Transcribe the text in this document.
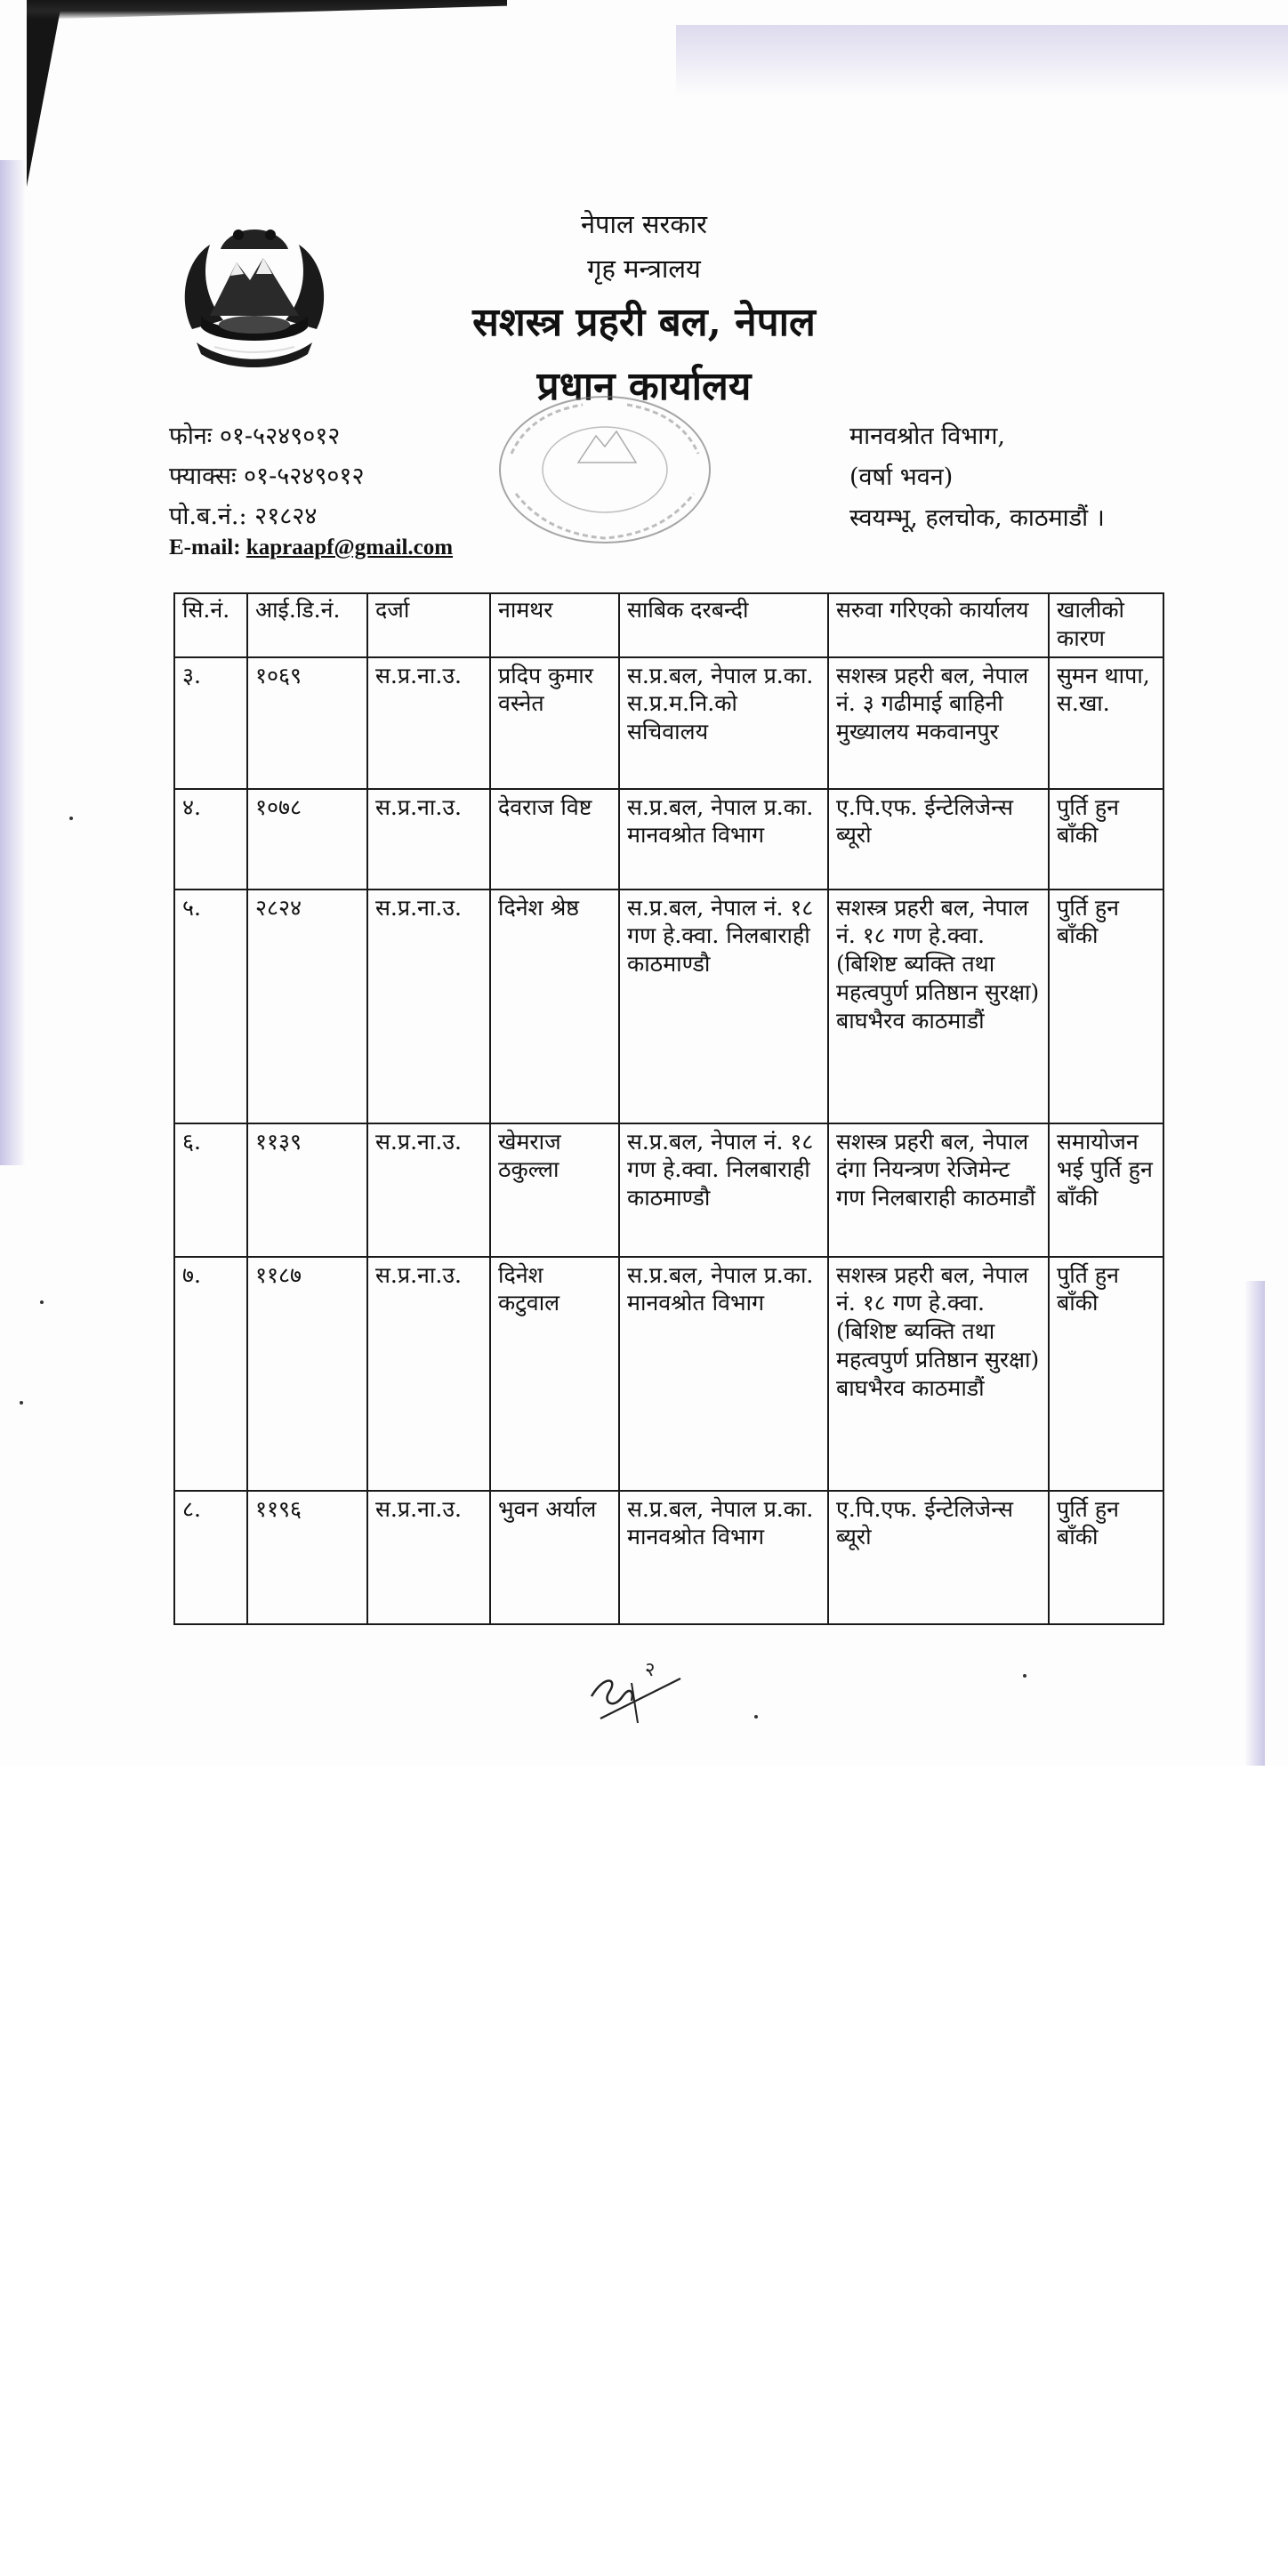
नेपाल सरकार
गृह मन्त्रालय
सशस्त्र प्रहरी बल, नेपाल
प्रधान कार्यालय
फोनः ०१-५२४९०१२
फ्याक्सः ०१-५२४९०१२
पो.ब.नं.: २१८२४
E-mail: kapraapf@gmail.com
मानवश्रोत विभाग,
(वर्षा भवन)
स्वयम्भू, हलचोक, काठमाडौं ।
सि.नं.	आई.डि.नं.	दर्जा	नामथर	साबिक दरबन्दी	सरुवा गरिएको कार्यालय	खालीको कारण
३.	१०६९	स.प्र.ना.उ.	प्रदिप कुमार वस्नेत	स.प्र.बल, नेपाल प्र.का. स.प्र.म.नि.को सचिवालय	सशस्त्र प्रहरी बल, नेपाल नं. ३ गढीमाई बाहिनी मुख्यालय मकवानपुर	सुमन थापा, स.खा.
४.	१०७८	स.प्र.ना.उ.	देवराज विष्ट	स.प्र.बल, नेपाल प्र.का. मानवश्रोत विभाग	ए.पि.एफ. ईन्टेलिजेन्स ब्यूरो	पुर्ति हुन बाँकी
५.	२८२४	स.प्र.ना.उ.	दिनेश श्रेष्ठ	स.प्र.बल, नेपाल नं. १८ गण हे.क्वा. निलबाराही काठमाण्डौ	सशस्त्र प्रहरी बल, नेपाल नं. १८ गण हे.क्वा. (बिशिष्ट ब्यक्ति तथा महत्वपुर्ण प्रतिष्ठान सुरक्षा) बाघभैरव काठमाडौं	पुर्ति हुन बाँकी
६.	११३९	स.प्र.ना.उ.	खेमराज ठकुल्ला	स.प्र.बल, नेपाल नं. १८ गण हे.क्वा. निलबाराही काठमाण्डौ	सशस्त्र प्रहरी बल, नेपाल दंगा नियन्त्रण रेजिमेन्ट गण निलबाराही काठमाडौं	समायोजन भई पुर्ति हुन बाँकी
७.	११८७	स.प्र.ना.उ.	दिनेश कटुवाल	स.प्र.बल, नेपाल प्र.का. मानवश्रोत विभाग	सशस्त्र प्रहरी बल, नेपाल नं. १८ गण हे.क्वा. (बिशिष्ट ब्यक्ति तथा महत्वपुर्ण प्रतिष्ठान सुरक्षा) बाघभैरव काठमाडौं	पुर्ति हुन बाँकी
८.	११९६	स.प्र.ना.उ.	भुवन अर्याल	स.प्र.बल, नेपाल प्र.का. मानवश्रोत विभाग	ए.पि.एफ. ईन्टेलिजेन्स ब्यूरो	पुर्ति हुन बाँकी
२
